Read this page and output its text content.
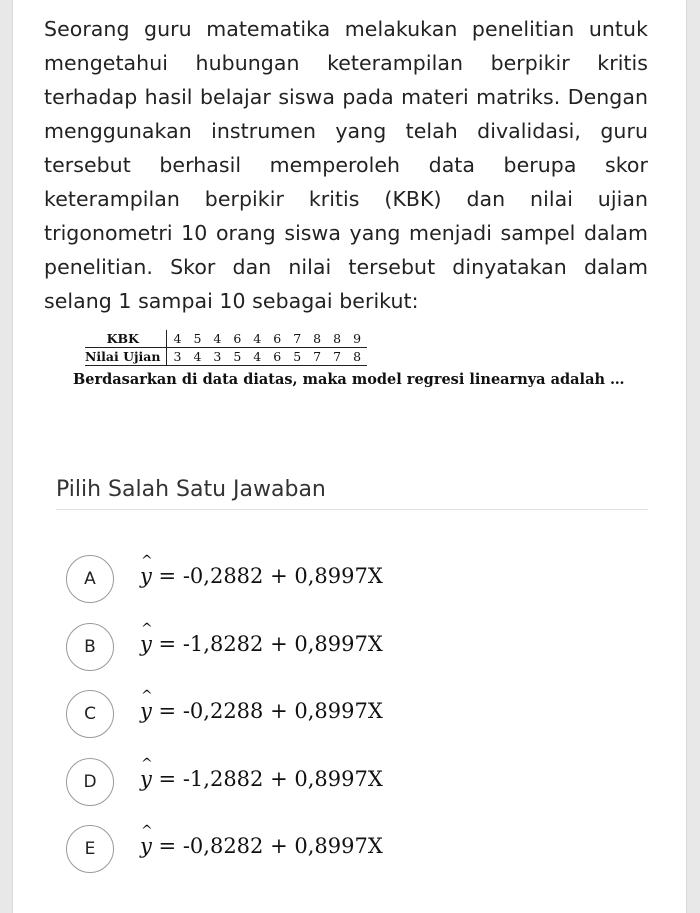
Seorang guru matematika melakukan penelitian untuk mengetahui hubungan keterampilan berpikir kritis terhadap hasil belajar siswa pada materi matriks. Dengan menggunakan instrumen yang telah divalidasi, guru tersebut berhasil memperoleh data berupa skor keterampilan berpikir kritis (KBK) dan nilai ujian trigonometri 10 orang siswa yang menjadi sampel dalam penelitian. Skor dan nilai tersebut dinyatakan dalam selang 1 sampai 10 sebagai berikut:
KBK	4	5	4	6	4	6	7	8	8	9
Nilai Ujian	3	4	3	5	4	6	5	7	7	8
Berdasarkan di data diatas, maka model regresi linearnya adalah …
Pilih Salah Satu Jawaban
A	^ y = -0,2882 + 0,8997X
B	^ y = -1,8282 + 0,8997X
C	^ y = -0,2288 + 0,8997X
D	^ y = -1,2882 + 0,8997X
E	^ y = -0,8282 + 0,8997X
